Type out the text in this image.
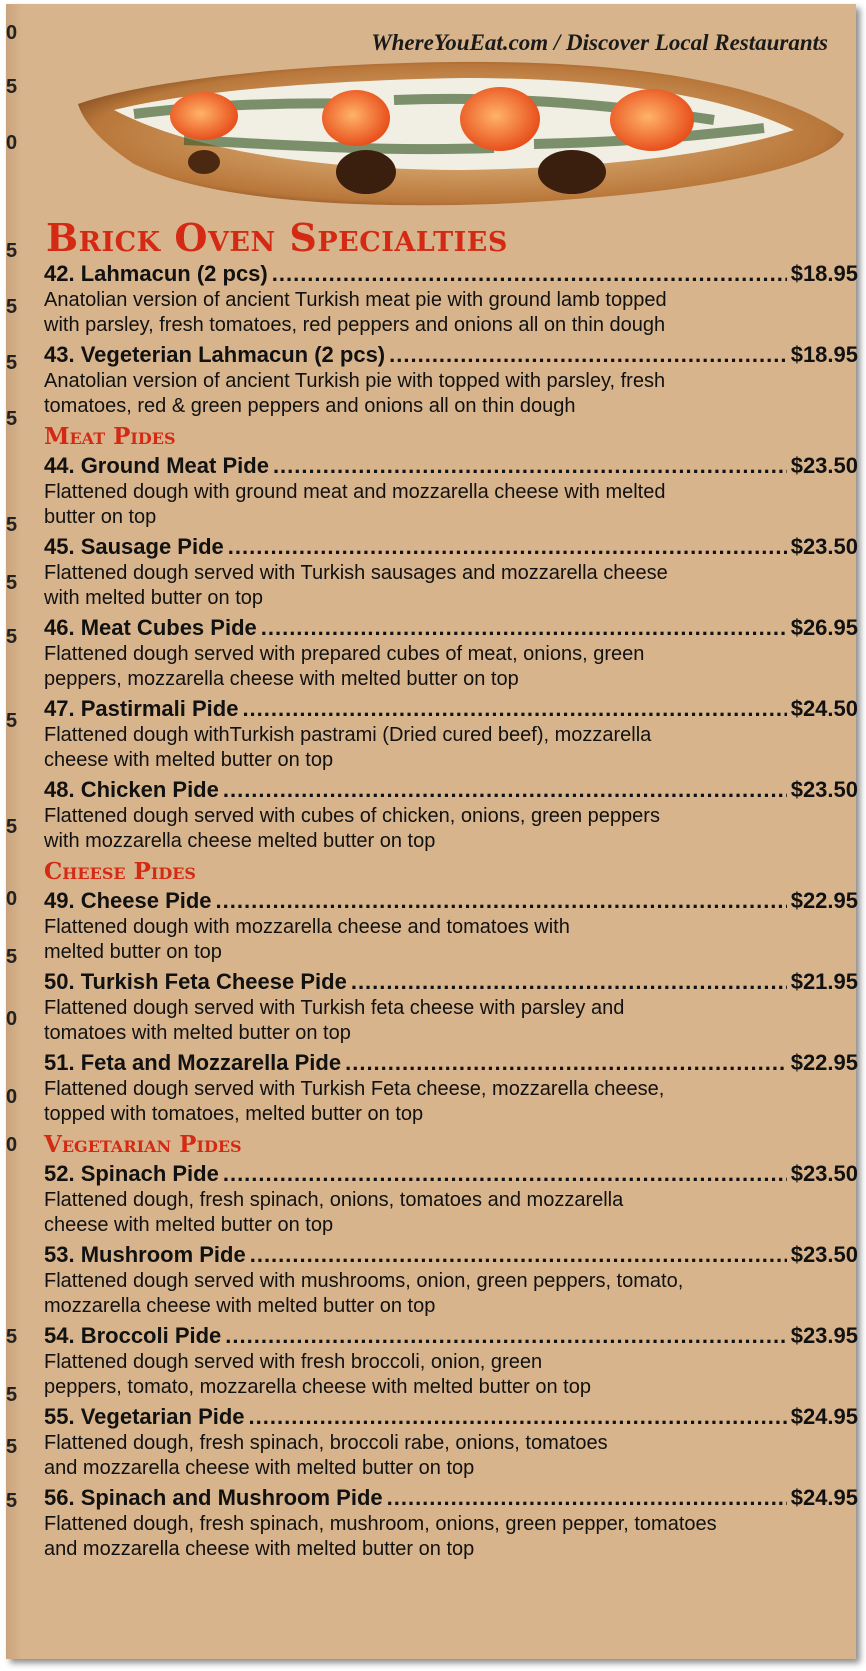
0
5
0
5
5
5
5
5
5
5
5
5
0
5
0
0
0
5
5
5
5
WhereYouEat.com / Discover Local Restaurants
Brick Oven Specialties
42. Lahmacun (2 pcs) .....	$18.95
Anatolian version of ancient Turkish meat pie with ground lamb topped
with parsley, fresh tomatoes, red peppers and onions all on thin dough
43. Vegeterian Lahmacun (2 pcs) .....	$18.95
Anatolian version of ancient Turkish pie with topped with parsley, fresh
tomatoes, red & green peppers and onions all on thin dough
Meat Pides
44. Ground Meat Pide .....	$23.50
Flattened dough with ground meat and mozzarella cheese with melted
butter on top
45. Sausage Pide .....	$23.50
Flattened dough served with Turkish sausages and mozzarella cheese
with melted butter on top
46. Meat Cubes Pide .....	$26.95
Flattened dough served with prepared cubes of meat, onions, green
peppers, mozzarella cheese with melted butter on top
47. Pastirmali Pide .....	$24.50
Flattened dough withTurkish pastrami (Dried cured beef), mozzarella
cheese with melted butter on top
48. Chicken Pide .....	$23.50
Flattened dough served with cubes of chicken, onions, green peppers
with mozzarella cheese melted butter on top
Cheese Pides
49. Cheese Pide .....	$22.95
Flattened dough with mozzarella cheese and tomatoes with
melted butter on top
50. Turkish Feta Cheese Pide .....	$21.95
Flattened dough served with Turkish feta cheese with parsley and
tomatoes with melted butter on top
51. Feta and Mozzarella Pide .....	$22.95
Flattened dough served with Turkish Feta cheese, mozzarella cheese,
topped with tomatoes, melted butter on top
Vegetarian Pides
52. Spinach Pide .....	$23.50
Flattened dough, fresh spinach, onions, tomatoes and mozzarella
cheese with melted butter on top
53. Mushroom Pide .....	$23.50
Flattened dough served with mushrooms, onion, green peppers, tomato,
mozzarella cheese with melted butter on top
54. Broccoli Pide .....	$23.95
Flattened dough served with fresh broccoli, onion, green
peppers, tomato, mozzarella cheese with melted butter on top
55. Vegetarian Pide .....	$24.95
Flattened dough, fresh spinach, broccoli rabe, onions, tomatoes
and mozzarella cheese with melted butter on top
56. Spinach and Mushroom Pide .....	$24.95
Flattened dough, fresh spinach, mushroom, onions, green pepper, tomatoes
and mozzarella cheese with melted butter on top
